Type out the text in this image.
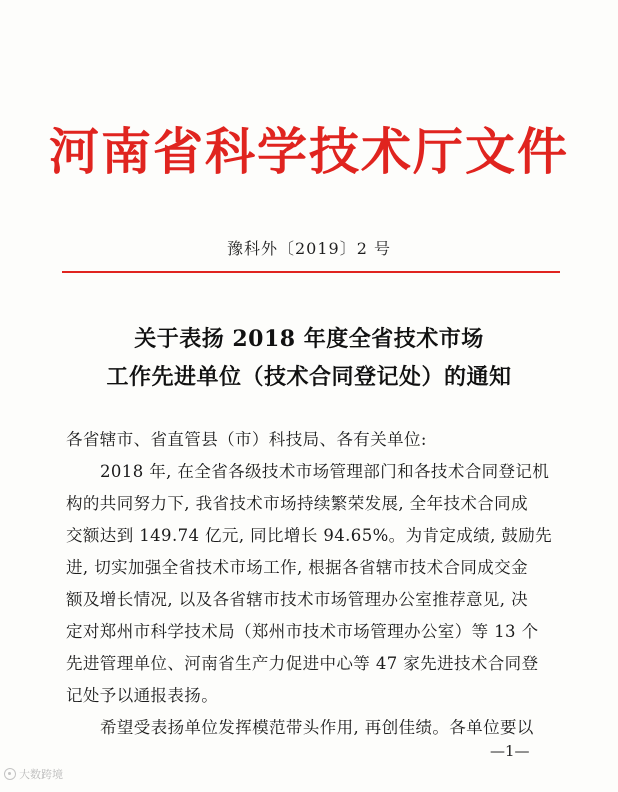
河南省科学技术厅文件
豫科外〔2019〕2 号
关于表扬 2018 年度全省技术市场
工作先进单位（技术合同登记处）的通知
各省辖市、省直管县（市）科技局、各有关单位:
2018 年, 在全省各级技术市场管理部门和各技术合同登记机
构的共同努力下, 我省技术市场持续繁荣发展, 全年技术合同成
交额达到 149.74 亿元, 同比增长 94.65%。为肯定成绩, 鼓励先
进, 切实加强全省技术市场工作, 根据各省辖市技术合同成交金
额及增长情况, 以及各省辖市技术市场管理办公室推荐意见, 决
定对郑州市科学技术局（郑州市技术市场管理办公室）等 13 个
先进管理单位、河南省生产力促进中心等 47 家先进技术合同登
记处予以通报表扬。
希望受表扬单位发挥模范带头作用, 再创佳绩。各单位要以
—1—
大数跨境
